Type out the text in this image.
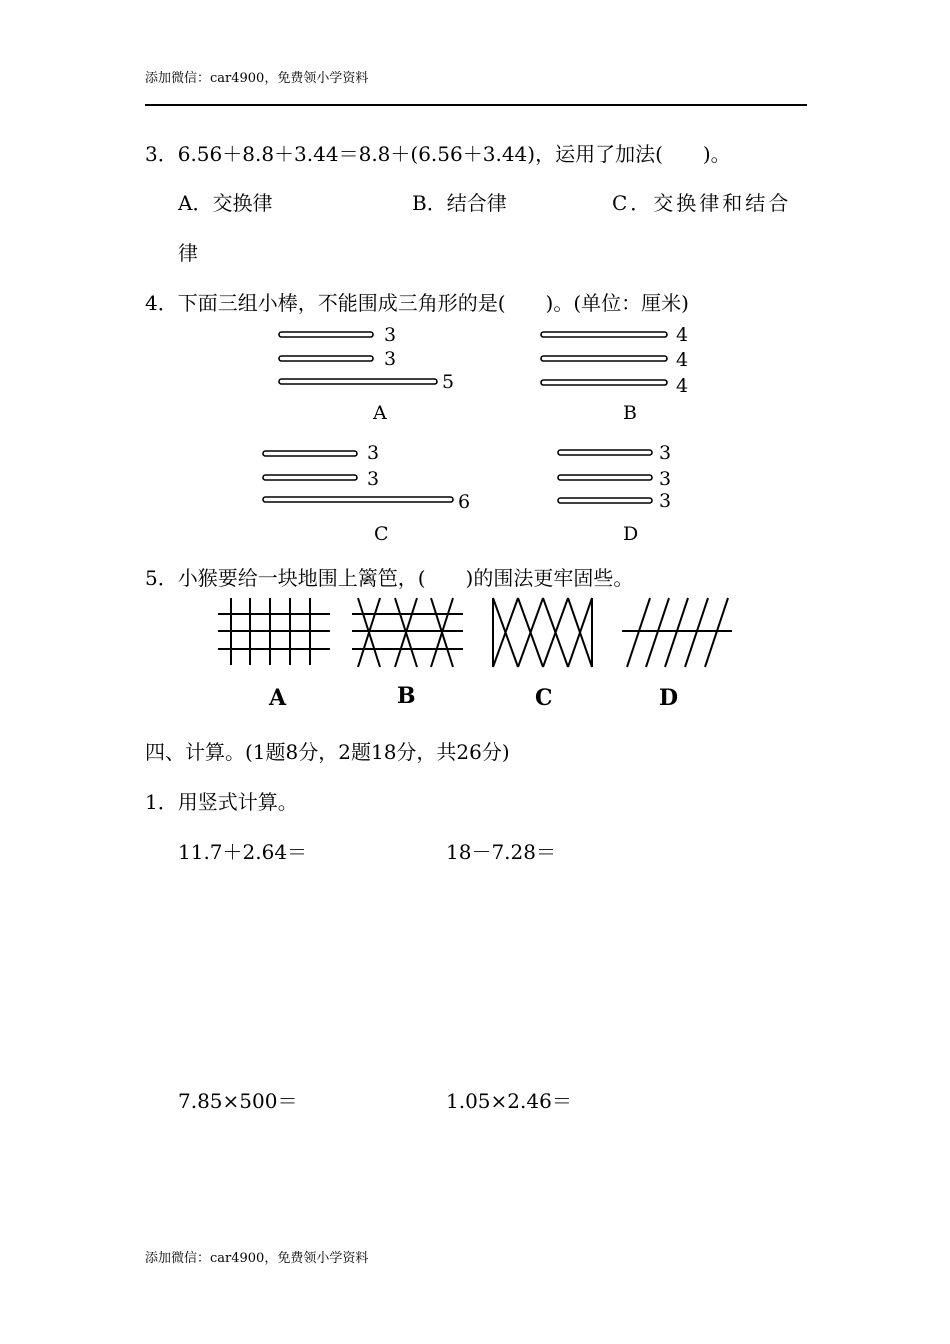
添加微信：car4900，免费领小学资料
3．6.56＋8.8＋3.44＝8.8＋(6.56＋3.44)，运用了加法(　　)。
A．交换律	B．结合律	C．交换律和结合
律
4．下面三组小棒，不能围成三角形的是(　　)。(单位：厘米)
3
3
5
4
4
4
3
3
6
3
3
3
A	B
C	D
5．小猴要给一块地围上篱笆，(　　)的围法更牢固些。
A	B	C	D
四、计算。(1题8分，2题18分，共26分)
1．用竖式计算。
11.7＋2.64＝	18－7.28＝
7.85×500＝	1.05×2.46＝
添加微信：car4900，免费领小学资料
